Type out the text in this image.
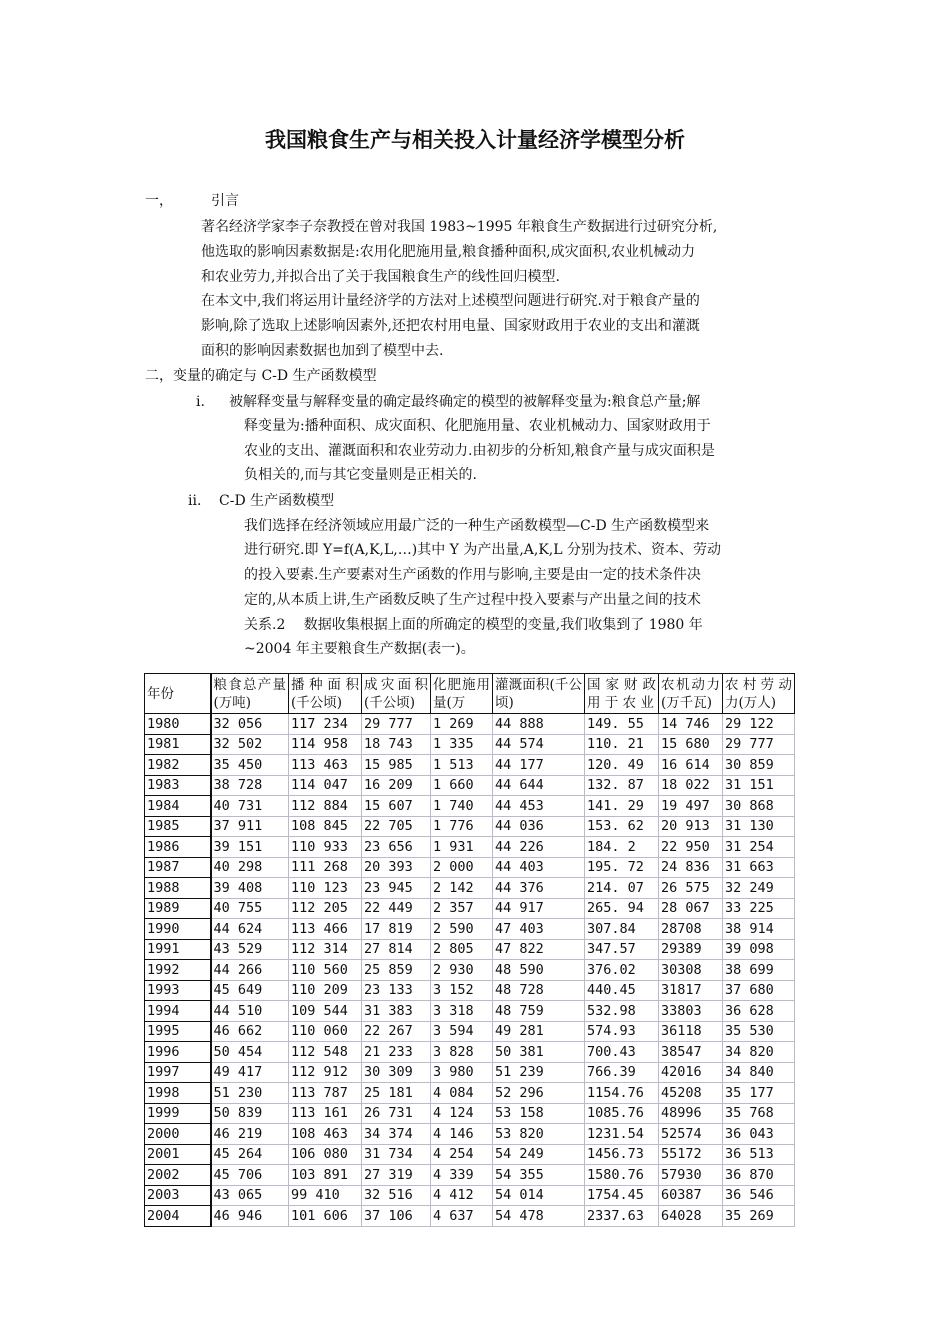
我国粮食生产与相关投入计量经济学模型分析
一，	引言
著名经济学家李子奈教授在曾对我国 1983~1995 年粮食生产数据进行过研究分析,
他选取的影响因素数据是:农用化肥施用量,粮食播种面积,成灾面积,农业机械动力
和农业劳力,并拟合出了关于我国粮食生产的线性回归模型.
在本文中,我们将运用计量经济学的方法对上述模型问题进行研究.对于粮食产量的
影响,除了选取上述影响因素外,还把农村用电量、国家财政用于农业的支出和灌溉
面积的影响因素数据也加到了模型中去.
二，变量的确定与 C-D 生产函数模型
i. 被解释变量与解释变量的确定最终确定的模型的被解释变量为:粮食总产量;解
释变量为:播种面积、成灾面积、化肥施用量、农业机械动力、国家财政用于
农业的支出、灌溉面积和农业劳动力.由初步的分析知,粮食产量与成灾面积是
负相关的,而与其它变量则是正相关的.
ii. C-D 生产函数模型
我们选择在经济领域应用最广泛的一种生产函数模型—C-D 生产函数模型来
进行研究.即 Y=f(A,K,L,…)其中 Y 为产出量,A,K,L 分别为技术、资本、劳动
的投入要素.生产要素对生产函数的作用与影响,主要是由一定的技术条件决
定的,从本质上讲,生产函数反映了生产过程中投入要素与产出量之间的技术
关系.2　 数据收集根据上面的所确定的模型的变量,我们收集到了 1980 年
~2004 年主要粮食生产数据(表一)。
年份	粮食总产量(万吨)	播 种 面 积(千公顷)	成灾面积(千公顷)	化肥施用量(万	灌溉面积(千公顷)	国 家 财 政用 于 农 业	农机动力(万千瓦)	农 村 劳 动力(万人)
1980	32 056	117 234	29 777	1 269	44 888	149. 55	14 746	29 122
1981	32 502	114 958	18 743	1 335	44 574	110. 21	15 680	29 777
1982	35 450	113 463	15 985	1 513	44 177	120. 49	16 614	30 859
1983	38 728	114 047	16 209	1 660	44 644	132. 87	18 022	31 151
1984	40 731	112 884	15 607	1 740	44 453	141. 29	19 497	30 868
1985	37 911	108 845	22 705	1 776	44 036	153. 62	20 913	31 130
1986	39 151	110 933	23 656	1 931	44 226	184. 2	22 950	31 254
1987	40 298	111 268	20 393	2 000	44 403	195. 72	24 836	31 663
1988	39 408	110 123	23 945	2 142	44 376	214. 07	26 575	32 249
1989	40 755	112 205	22 449	2 357	44 917	265. 94	28 067	33 225
1990	44 624	113 466	17 819	2 590	47 403	307.84	28708	38 914
1991	43 529	112 314	27 814	2 805	47 822	347.57	29389	39 098
1992	44 266	110 560	25 859	2 930	48 590	376.02	30308	38 699
1993	45 649	110 209	23 133	3 152	48 728	440.45	31817	37 680
1994	44 510	109 544	31 383	3 318	48 759	532.98	33803	36 628
1995	46 662	110 060	22 267	3 594	49 281	574.93	36118	35 530
1996	50 454	112 548	21 233	3 828	50 381	700.43	38547	34 820
1997	49 417	112 912	30 309	3 980	51 239	766.39	42016	34 840
1998	51 230	113 787	25 181	4 084	52 296	1154.76	45208	35 177
1999	50 839	113 161	26 731	4 124	53 158	1085.76	48996	35 768
2000	46 219	108 463	34 374	4 146	53 820	1231.54	52574	36 043
2001	45 264	106 080	31 734	4 254	54 249	1456.73	55172	36 513
2002	45 706	103 891	27 319	4 339	54 355	1580.76	57930	36 870
2003	43 065	99 410	32 516	4 412	54 014	1754.45	60387	36 546
2004	46 946	101 606	37 106	4 637	54 478	2337.63	64028	35 269
